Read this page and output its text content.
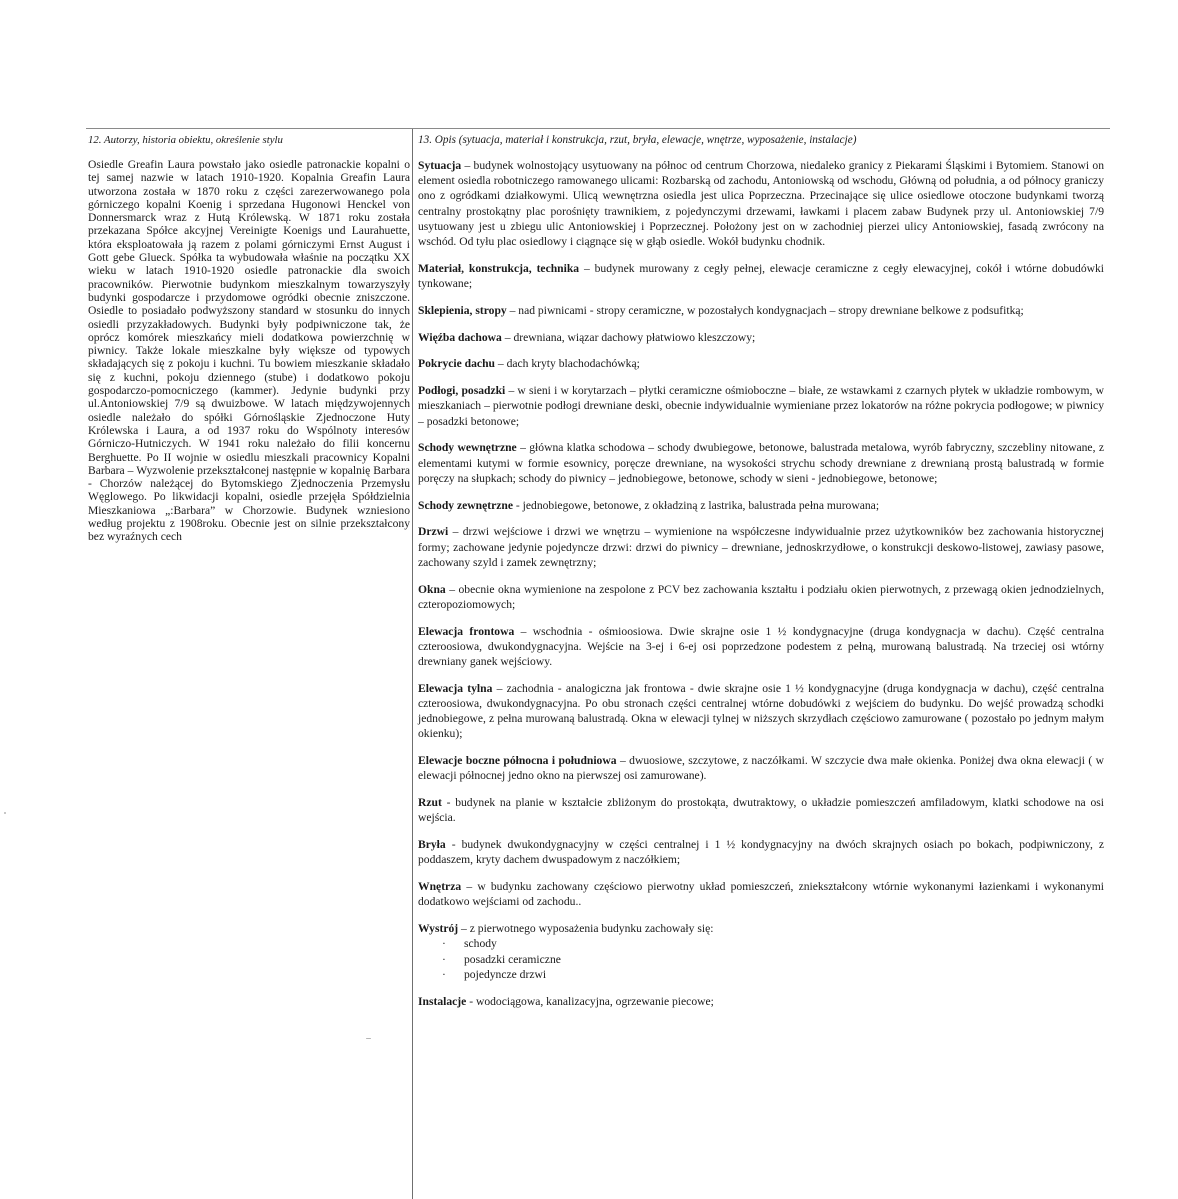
12. Autorzy, historia obiektu, określenie stylu

Osiedle Greafin Laura powstało jako osiedle patronackie kopalni o tej samej nazwie w latach 1910-1920. Kopalnia Greafin Laura utworzona została w 1870 roku z części zarezerwowanego pola górniczego kopalni Koenig i sprzedana Hugonowi Henckel von Donnersmarck wraz z Hutą Królewską. W 1871 roku została przekazana Spółce akcyjnej Vereinigte Koenigs und Laurahuette, która eksploatowała ją razem z polami górniczymi Ernst August i Gott gebe Glueck. Spółka ta wybudowała właśnie na początku XX wieku w latach 1910-1920 osiedle patronackie dla swoich pracowników. Pierwotnie budynkom mieszkalnym towarzyszyły budynki gospodarcze i przydomowe ogródki obecnie zniszczone. Osiedle to posiadało podwyższony standard w stosunku do innych osiedli przyzakładowych. Budynki były podpiwniczone tak, że oprócz komórek mieszkańcy mieli dodatkowa powierzchnię w piwnicy. Także lokale mieszkalne były większe od typowych składających się z pokoju i kuchni. Tu bowiem mieszkanie składało się z kuchni, pokoju dziennego (stube) i dodatkowo pokoju gospodarczo-pomocniczego (kammer). Jedynie budynki przy ul.Antoniowskiej 7/9 są dwuizbowe. W latach międzywojennych osiedle należało do spółki Górnośląskie Zjednoczone Huty Królewska i Laura, a od 1937 roku do Wspólnoty interesów Górniczo-Hutniczych. W 1941 roku należało do filii koncernu Berghuette. Po II wojnie w osiedlu mieszkali pracownicy Kopalni Barbara – Wyzwolenie przekształconej następnie w kopalnię Barbara - Chorzów należącej do Bytomskiego Zjednoczenia Przemysłu Węglowego. Po likwidacji kopalni, osiedle przejęła Spółdzielnia Mieszkaniowa „:Barbara” w Chorzowie. Budynek wzniesiono według projektu z 1908roku. Obecnie jest on silnie przekształcony bez wyraźnych cech

13. Opis (sytuacja, materiał i konstrukcja, rzut, bryła, elewacje, wnętrze, wyposażenie, instalacje)

Sytuacja – budynek wolnostojący usytuowany na północ od centrum Chorzowa, niedaleko granicy z Piekarami Śląskimi i Bytomiem. Stanowi on element osiedla robotniczego ramowanego ulicami: Rozbarską od zachodu, Antoniowską od wschodu, Główną od południa, a od północy graniczy ono z ogródkami działkowymi. Ulicą wewnętrzna osiedla jest ulica Poprzeczna. Przecinające się ulice osiedlowe otoczone budynkami tworzą centralny prostokątny plac porośnięty trawnikiem, z pojedynczymi drzewami, ławkami i placem zabaw Budynek przy ul. Antoniowskiej 7/9 usytuowany jest u zbiegu ulic Antoniowskiej i Poprzecznej. Położony jest on w zachodniej pierzei ulicy Antoniowskiej, fasadą zwrócony na wschód. Od tyłu plac osiedlowy i ciągnące się w głąb osiedle. Wokół budynku chodnik.

Materiał, konstrukcja, technika – budynek murowany z cegły pełnej, elewacje ceramiczne z cegły elewacyjnej, cokół i wtórne dobudówki tynkowane;

Sklepienia, stropy – nad piwnicami - stropy ceramiczne, w pozostałych kondygnacjach – stropy drewniane belkowe z podsufitką;

Więźba dachowa – drewniana, wiązar dachowy płatwiowo kleszczowy;

Pokrycie dachu – dach kryty blachodachówką;

Podłogi, posadzki – w sieni i w korytarzach – płytki ceramiczne ośmioboczne – białe, ze wstawkami z czarnych płytek w układzie rombowym, w mieszkaniach – pierwotnie podłogi drewniane deski, obecnie indywidualnie wymieniane przez lokatorów na różne pokrycia podłogowe; w piwnicy – posadzki betonowe;

Schody wewnętrzne – główna klatka schodowa – schody dwubiegowe, betonowe, balustrada metalowa, wyrób fabryczny, szczebliny nitowane, z elementami kutymi w formie esownicy, poręcze drewniane, na wysokości strychu schody drewniane z drewnianą prostą balustradą w formie poręczy na słupkach; schody do piwnicy – jednobiegowe, betonowe, schody w sieni - jednobiegowe, betonowe;

Schody zewnętrzne - jednobiegowe, betonowe, z okładziną z lastrika, balustrada pełna murowana;

Drzwi – drzwi wejściowe i drzwi we wnętrzu – wymienione na współczesne indywidualnie przez użytkowników bez zachowania historycznej formy; zachowane jedynie pojedyncze drzwi: drzwi do piwnicy – drewniane, jednoskrzydłowe, o konstrukcji deskowo-listowej, zawiasy pasowe, zachowany szyld i zamek zewnętrzny;

Okna – obecnie okna wymienione na zespolone z PCV bez zachowania kształtu i podziału okien pierwotnych, z przewagą okien jednodzielnych, czteropoziomowych;

Elewacja frontowa – wschodnia - ośmioosiowa. Dwie skrajne osie 1 ½ kondygnacyjne (druga kondygnacja w dachu). Część centralna czteroosiowa, dwukondygnacyjna. Wejście na 3-ej i 6-ej osi poprzedzone podestem z pełną, murowaną balustradą. Na trzeciej osi wtórny drewniany ganek wejściowy.

Elewacja tylna – zachodnia - analogiczna jak frontowa - dwie skrajne osie 1 ½ kondygnacyjne (druga kondygnacja w dachu), część centralna czteroosiowa, dwukondygnacyjna. Po obu stronach części centralnej wtórne dobudówki z wejściem do budynku. Do wejść prowadzą schodki jednobiegowe, z pełna murowaną balustradą. Okna w elewacji tylnej w niższych skrzydłach częściowo zamurowane ( pozostało po jednym małym okienku);

Elewacje boczne północna i południowa – dwuosiowe, szczytowe, z naczółkami. W szczycie dwa małe okienka. Poniżej dwa okna elewacji ( w elewacji północnej jedno okno na pierwszej osi zamurowane).

Rzut - budynek na planie w kształcie zbliżonym do prostokąta, dwutraktowy, o układzie pomieszczeń amfiladowym, klatki schodowe na osi wejścia.

Bryła - budynek dwukondygnacyjny w części centralnej i 1 ½ kondygnacyjny na dwóch skrajnych osiach po bokach, podpiwniczony, z poddaszem, kryty dachem dwuspadowym z naczółkiem;

Wnętrza – w budynku zachowany częściowo pierwotny układ pomieszczeń, zniekształcony wtórnie wykonanymi łazienkami i wykonanymi dodatkowo wejściami od zachodu..

Wystrój – z pierwotnego wyposażenia budynku zachowały się:
· schody
· posadzki ceramiczne
· pojedyncze drzwi

Instalacje - wodociągowa, kanalizacyjna, ogrzewanie piecowe;
